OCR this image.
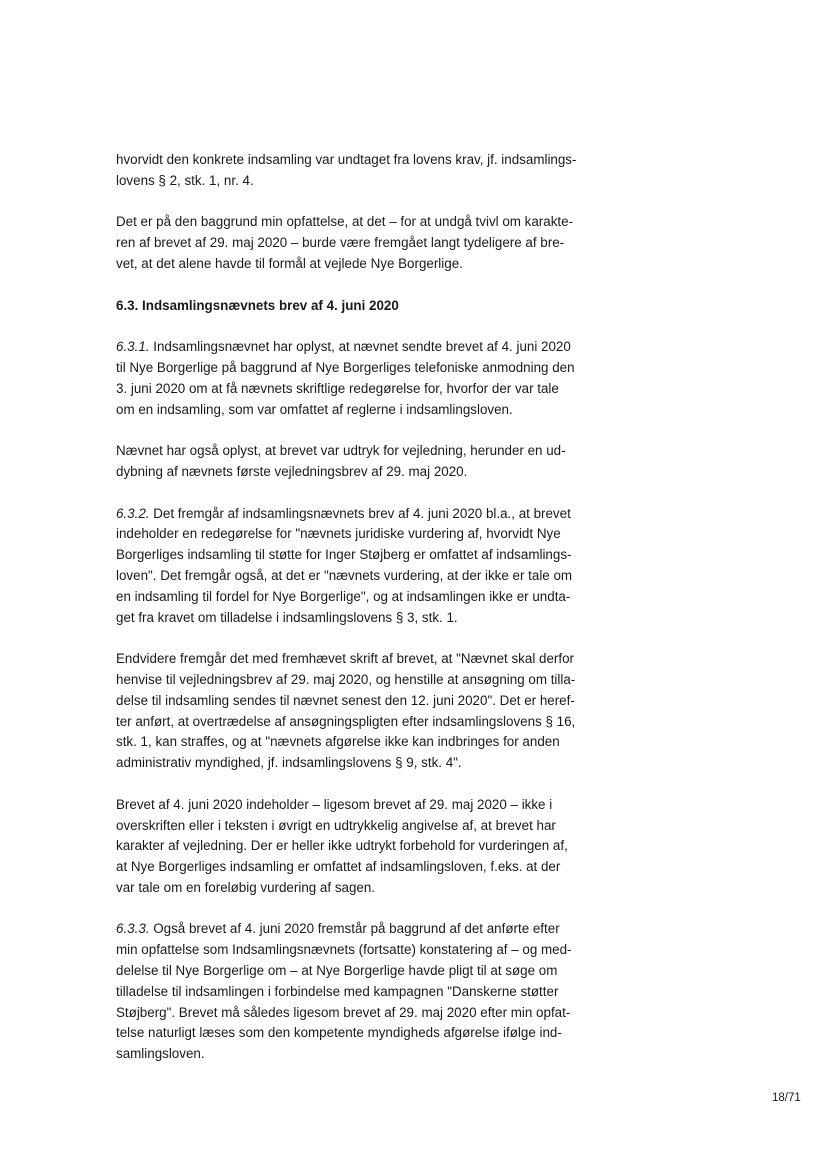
hvorvidt den konkrete indsamling var undtaget fra lovens krav, jf. indsamlings-
lovens § 2, stk. 1, nr. 4.
Det er på den baggrund min opfattelse, at det – for at undgå tvivl om karakte-
ren af brevet af 29. maj 2020 – burde være fremgået langt tydeligere af bre-
vet, at det alene havde til formål at vejlede Nye Borgerlige.
6.3. Indsamlingsnævnets brev af 4. juni 2020
6.3.1. Indsamlingsnævnet har oplyst, at nævnet sendte brevet af 4. juni 2020
til Nye Borgerlige på baggrund af Nye Borgerliges telefoniske anmodning den
3. juni 2020 om at få nævnets skriftlige redegørelse for, hvorfor der var tale
om en indsamling, som var omfattet af reglerne i indsamlingsloven.
Nævnet har også oplyst, at brevet var udtryk for vejledning, herunder en ud-
dybning af nævnets første vejledningsbrev af 29. maj 2020.
6.3.2. Det fremgår af indsamlingsnævnets brev af 4. juni 2020 bl.a., at brevet
indeholder en redegørelse for "nævnets juridiske vurdering af, hvorvidt Nye
Borgerliges indsamling til støtte for Inger Støjberg er omfattet af indsamlings-
loven". Det fremgår også, at det er "nævnets vurdering, at der ikke er tale om
en indsamling til fordel for Nye Borgerlige", og at indsamlingen ikke er undta-
get fra kravet om tilladelse i indsamlingslovens § 3, stk. 1.
Endvidere fremgår det med fremhævet skrift af brevet, at "Nævnet skal derfor
henvise til vejledningsbrev af 29. maj 2020, og henstille at ansøgning om tilla-
delse til indsamling sendes til nævnet senest den 12. juni 2020". Det er heref-
ter anført, at overtrædelse af ansøgningspligten efter indsamlingslovens § 16,
stk. 1, kan straffes, og at "nævnets afgørelse ikke kan indbringes for anden
administrativ myndighed, jf. indsamlingslovens § 9, stk. 4".
Brevet af 4. juni 2020 indeholder – ligesom brevet af 29. maj 2020 – ikke i
overskriften eller i teksten i øvrigt en udtrykkelig angivelse af, at brevet har
karakter af vejledning. Der er heller ikke udtrykt forbehold for vurderingen af,
at Nye Borgerliges indsamling er omfattet af indsamlingsloven, f.eks. at der
var tale om en foreløbig vurdering af sagen.
6.3.3. Også brevet af 4. juni 2020 fremstår på baggrund af det anførte efter
min opfattelse som Indsamlingsnævnets (fortsatte) konstatering af – og med-
delelse til Nye Borgerlige om – at Nye Borgerlige havde pligt til at søge om
tilladelse til indsamlingen i forbindelse med kampagnen "Danskerne støtter
Støjberg". Brevet må således ligesom brevet af 29. maj 2020 efter min opfat-
telse naturligt læses som den kompetente myndigheds afgørelse ifølge ind-
samlingsloven.
18/71
